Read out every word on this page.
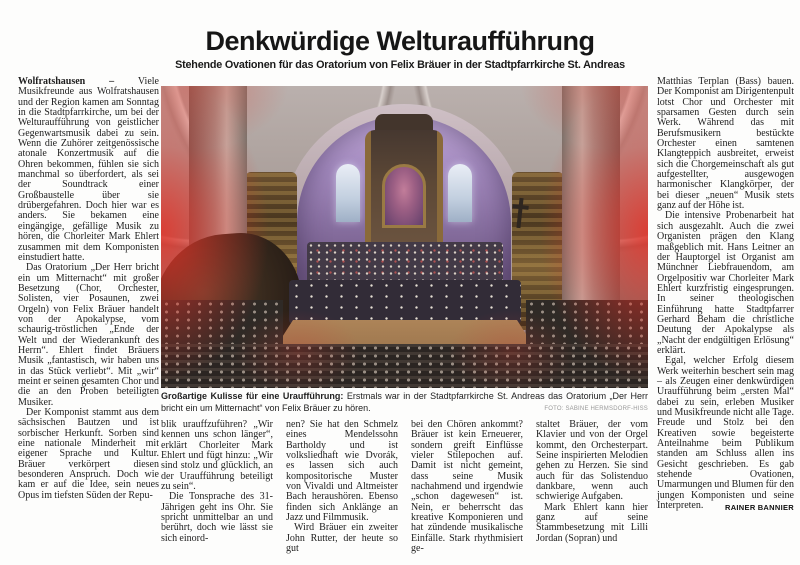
Denkwürdige Welturaufführung
Stehende Ovationen für das Oratorium von Felix Bräuer in der Stadtpfarrkirche St. Andreas

Wolfratshausen – Viele Musikfreunde aus Wolfratshausen und der Region kamen am Sonntag in die Stadtpfarrkirche, um bei der Welturaufführung von geistlicher Gegenwartsmusik dabei zu sein. Wenn die Zuhörer zeitgenössische atonale Konzertmusik auf die Ohren bekommen, fühlen sie sich manchmal so überfordert, als sei der Soundtrack einer Großbaustelle über sie drübergefahren. Doch hier war es anders. Sie bekamen eine eingängige, gefällige Musik zu hören, die Chorleiter Mark Ehlert zusammen mit dem Komponisten einstudiert hatte.

Das Oratorium „Der Herr bricht ein um Mitternacht“ mit großer Besetzung (Chor, Orchester, Solisten, vier Posaunen, zwei Orgeln) von Felix Bräuer handelt von der Apokalypse, vom schaurig-tröstlichen „Ende der Welt und der Wiederankunft des Herrn“. Ehlert findet Bräuers Musik „fantastisch, wir haben uns in das Stück verliebt“. Mit „wir“ meint er seinen gesamten Chor und die an den Proben beteiligten Musiker.

Der Komponist stammt aus dem sächsischen Bautzen und ist sorbischer Herkunft. Sorben sind eine nationale Minderheit mit eigener Sprache und Kultur. Bräuer verkörpert diesen besonderen Anspruch. Doch wie kam er auf die Idee, sein neues Opus im tiefsten Süden der Repu-

Großartige Kulisse für eine Uraufführung: Erstmals war in der Stadtpfarrkirche St. Andreas das Oratorium „Der Herr bricht ein um Mitternacht“ von Felix Bräuer zu hören.	FOTO: SABINE HERMSDORF-HISS

blik urauffzuführen? „Wir kennen uns schon länger“, erklärt Chorleiter Mark Ehlert und fügt hinzu: „Wir sind stolz und glücklich, an der Uraufführung beteiligt zu sein“.

Die Tonsprache des 31-Jährigen geht ins Ohr. Sie spricht unmittelbar an und berührt, doch wie lässt sie sich einord-

nen? Sie hat den Schmelz eines Mendelssohn Bartholdy und ist volksliedhaft wie Dvorák, es lassen sich auch kompositorische Muster von Vivaldi und Altmeister Bach heraushören. Ebenso finden sich Anklänge an Jazz und Filmmusik.

Wird Bräuer ein zweiter John Rutter, der heute so gut

bei den Chören ankommt? Bräuer ist kein Erneuerer, sondern greift Einflüsse vieler Stilepochen auf. Damit ist nicht gemeint, dass seine Musik nachahmend und irgendwie „schon dagewesen“ ist. Nein, er beherrscht das kreative Komponieren und hat zündende musikalische Einfälle. Stark rhythmisiert ge-

staltet Bräuer, der vom Klavier und von der Orgel kommt, den Orchesterpart. Seine inspirierten Melodien gehen zu Herzen. Sie sind auch für das Solistenduo dankbare, wenn auch schwierige Aufgaben.

Mark Ehlert kann hier ganz auf seine Stammbesetzung mit Lilli Jordan (Sopran) und

Matthias Terplan (Bass) bauen. Der Komponist am Dirigentenpult lotst Chor und Orchester mit sparsamen Gesten durch sein Werk. Während das mit Berufsmusikern bestückte Orchester einen samtenen Klangteppich ausbreitet, erweist sich die Chorgemeinschaft als gut aufgestellter, ausgewogen harmonischer Klangkörper, der bei dieser „neuen“ Musik stets ganz auf der Höhe ist.

Die intensive Probenarbeit hat sich ausgezahlt. Auch die zwei Organisten prägen den Klang maßgeblich mit. Hans Leitner an der Hauptorgel ist Organist am Münchner Liebfrauendom, am Orgelpositiv war Chorleiter Mark Ehlert kurzfristig eingesprungen. In seiner theologischen Einführung hatte Stadtpfarrer Gerhard Beham die christliche Deutung der Apokalypse als „Nacht der endgültigen Erlösung“ erklärt.

Egal, welcher Erfolg diesem Werk weiterhin beschert sein mag – als Zeugen einer denkwürdigen Uraufführung beim „ersten Mal“ dabei zu sein, erleben Musiker und Musikfreunde nicht alle Tage. Freude und Stolz bei den Kreativen sowie begeisterte Anteilnahme beim Publikum standen am Schluss allen ins Gesicht geschrieben. Es gab stehende Ovationen, Umarmungen und Blumen für den jungen Komponisten und seine Interpreten.	RAINER BANNIER
